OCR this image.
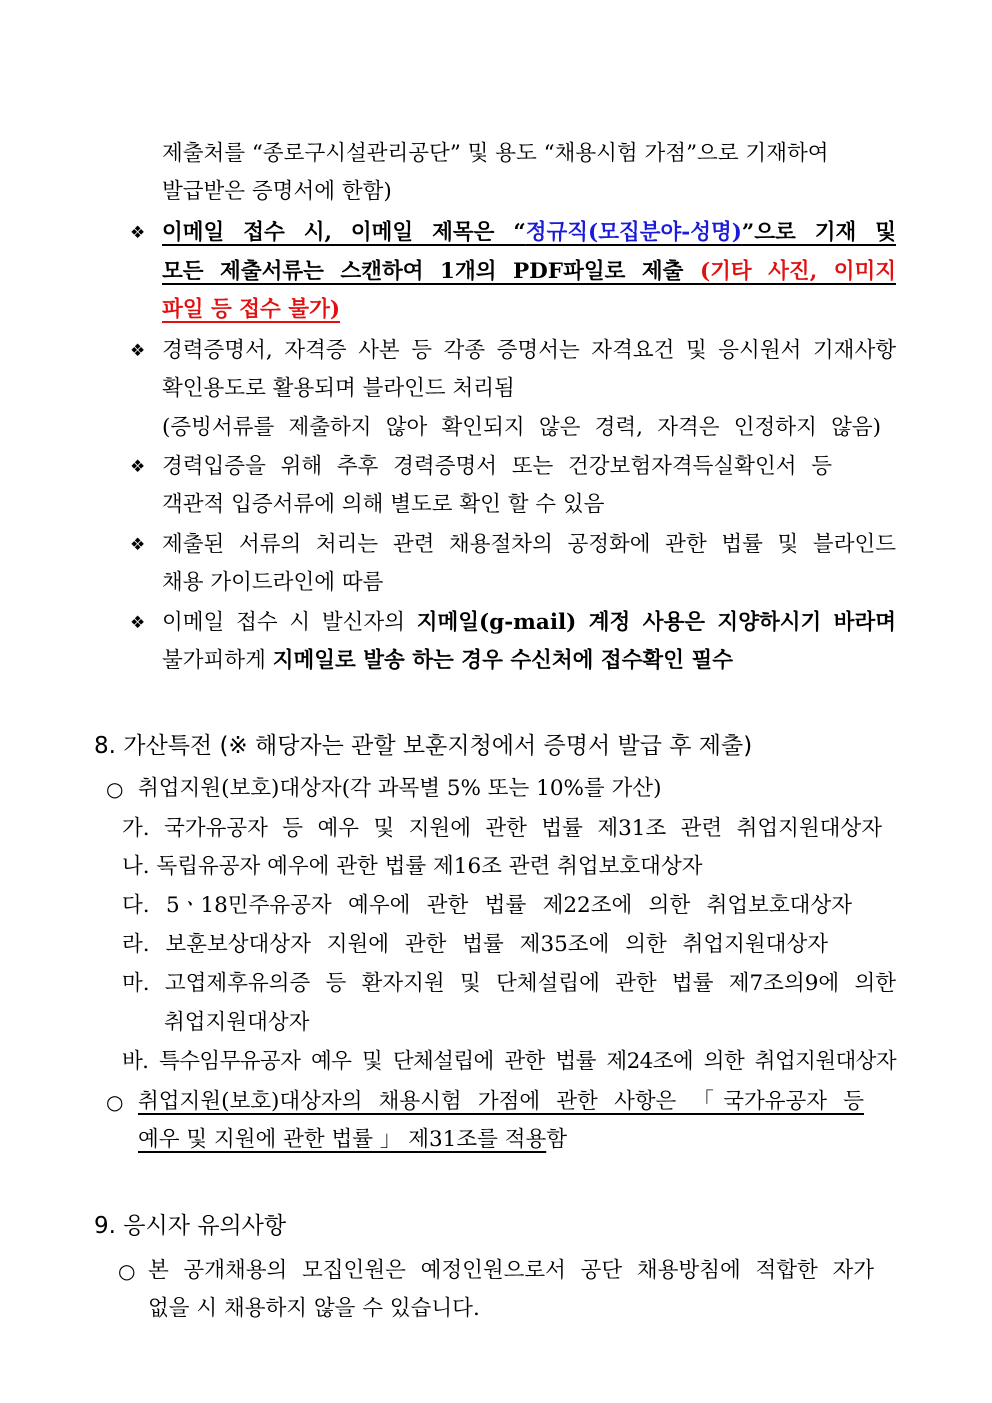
제출처를 “종로구시설관리공단” 및 용도 “채용시험 가점”으로 기재하여
발급받은 증명서에 한함)
❖ 이메일 접수 시, 이메일 제목은 “정규직(모집분야-성명)”으로 기재 및
모든 제출서류는 스캔하여 1개의 PDF파일로 제출 (기타 사진, 이미지
파일 등 접수 불가)
❖ 경력증명서, 자격증 사본 등 각종 증명서는 자격요건 및 응시원서 기재사항
확인용도로 활용되며 블라인드 처리됨
(증빙서류를 제출하지 않아 확인되지 않은 경력, 자격은 인정하지 않음)
❖ 경력입증을 위해 추후 경력증명서 또는 건강보험자격득실확인서 등
객관적 입증서류에 의해 별도로 확인 할 수 있음
❖ 제출된 서류의 처리는 관련 채용절차의 공정화에 관한 법률 및 블라인드
채용 가이드라인에 따름
❖ 이메일 접수 시 발신자의 지메일(g-mail) 계정 사용은 지양하시기 바라며
불가피하게 지메일로 발송 하는 경우 수신처에 접수확인 필수
8. 가산특전 (※ 해당자는 관할 보훈지청에서 증명서 발급 후 제출)
○ 취업지원(보호)대상자(각 과목별 5% 또는 10%를 가산)
가. 국가유공자 등 예우 및 지원에 관한 법률 제31조 관련 취업지원대상자
나. 독립유공자 예우에 관한 법률 제16조 관련 취업보호대상자
다. 5ㆍ18민주유공자 예우에 관한 법률 제22조에 의한 취업보호대상자
라. 보훈보상대상자 지원에 관한 법률 제35조에 의한 취업지원대상자
마. 고엽제후유의증 등 환자지원 및 단체설립에 관한 법률 제7조의9에 의한
취업지원대상자
바. 특수임무유공자 예우 및 단체설립에 관한 법률 제24조에 의한 취업지원대상자
○ 취업지원(보호)대상자의 채용시험 가점에 관한 사항은 「국가유공자 등
예우 및 지원에 관한 법률 」 제31조를 적용함
9. 응시자 유의사항
○ 본 공개채용의 모집인원은 예정인원으로서 공단 채용방침에 적합한 자가
없을 시 채용하지 않을 수 있습니다.
